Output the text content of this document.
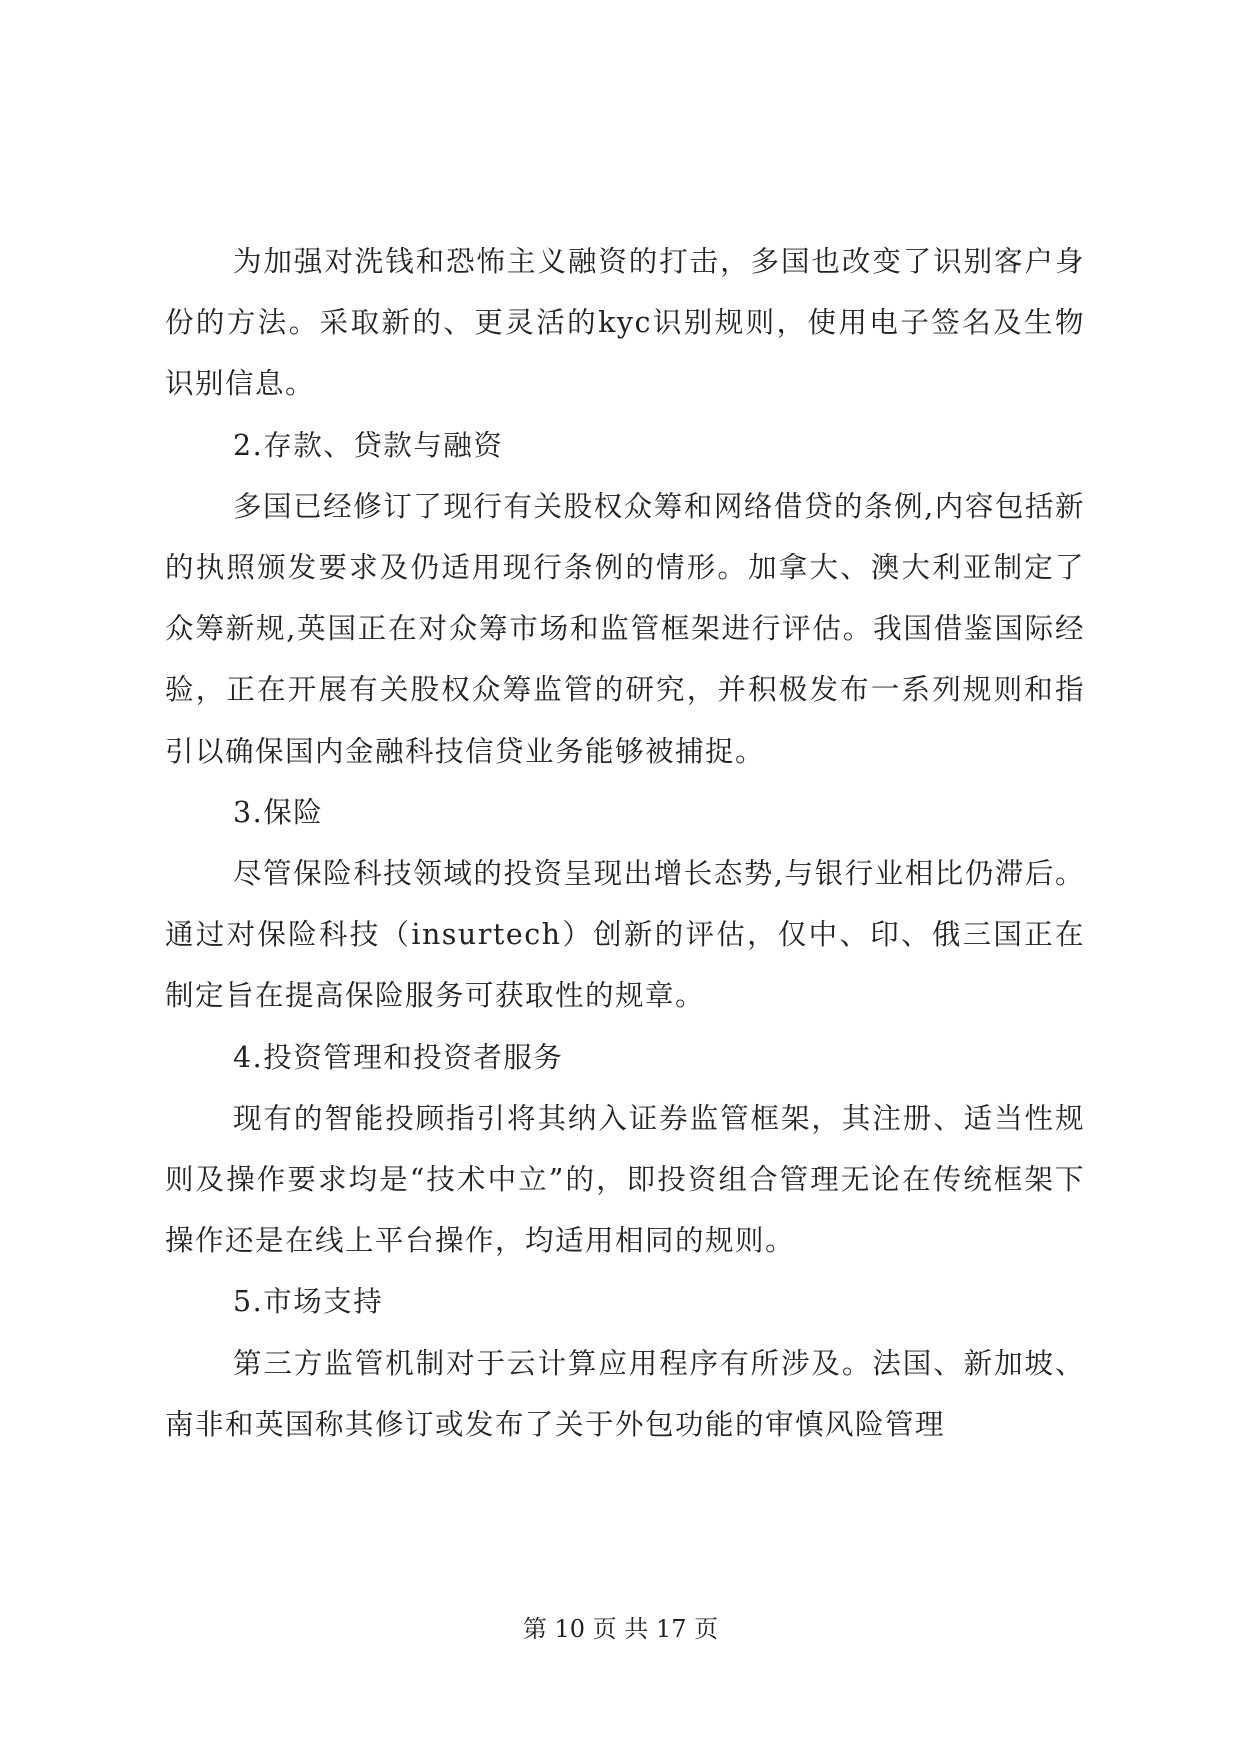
为加强对洗钱和恐怖主义融资的打击，多国也改变了识别客户身份的方法。采取新的、更灵活的kyc识别规则，使用电子签名及生物识别信息。

2.存款、贷款与融资

多国已经修订了现行有关股权众筹和网络借贷的条例,内容包括新的执照颁发要求及仍适用现行条例的情形。加拿大、澳大利亚制定了众筹新规,英国正在对众筹市场和监管框架进行评估。我国借鉴国际经验，正在开展有关股权众筹监管的研究，并积极发布一系列规则和指引以确保国内金融科技信贷业务能够被捕捉。

3.保险

尽管保险科技领域的投资呈现出增长态势,与银行业相比仍滞后。通过对保险科技（insurtech）创新的评估，仅中、印、俄三国正在制定旨在提高保险服务可获取性的规章。

4.投资管理和投资者服务

现有的智能投顾指引将其纳入证券监管框架，其注册、适当性规则及操作要求均是“技术中立”的，即投资组合管理无论在传统框架下操作还是在线上平台操作，均适用相同的规则。

5.市场支持

第三方监管机制对于云计算应用程序有所涉及。法国、新加坡、南非和英国称其修订或发布了关于外包功能的审慎风险管理

第 10 页 共 17 页
